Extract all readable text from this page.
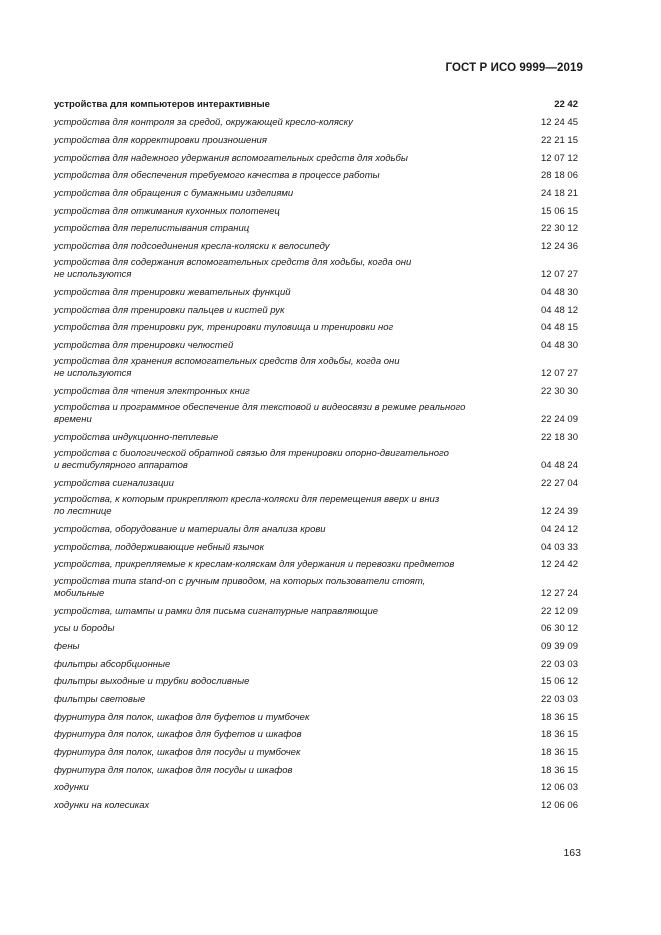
ГОСТ Р ИСО 9999—2019
устройства для компьютеров интерактивные	22 42
устройства для контроля за средой, окружающей кресло-коляску	12 24 45
устройства для корректировки произношения	22 21 15
устройства для надежного удержания вспомогательных средств для ходьбы	12 07 12
устройства для обеспечения требуемого качества в процессе работы	28 18 06
устройства для обращения с бумажными изделиями	24 18 21
устройства для отжимания кухонных полотенец	15 06 15
устройства для перелистывания страниц	22 30 12
устройства для подсоединения кресла-коляски к велосипеду	12 24 36
устройства для содержания вспомогательных средств для ходьбы, когда они
не используются	12 07 27
устройства для тренировки жевательных функций	04 48 30
устройства для тренировки пальцев и кистей рук	04 48 12
устройства для тренировки рук, тренировки туловища и тренировки ног	04 48 15
устройства для тренировки челюстей	04 48 30
устройства для хранения вспомогательных средств для ходьбы, когда они
не используются	12 07 27
устройства для чтения электронных книг	22 30 30
устройства и программное обеспечение для текстовой и видеосвязи в режиме реального
времени	22 24 09
устройства индукционно-петлевые	22 18 30
устройства с биологической обратной связью для тренировки опорно-двигательного
и вестибулярного аппаратов	04 48 24
устройства сигнализации	22 27 04
устройства, к которым прикрепляют кресла-коляски для перемещения вверх и вниз
по лестнице	12 24 39
устройства, оборудование и материалы для анализа крови	04 24 12
устройства, поддерживающие небный язычок	04 03 33
устройства, прикрепляемые к креслам-коляскам для удержания и перевозки предметов	12 24 42
устройства типа stand-on с ручным приводом, на которых пользователи стоят,
мобильные	12 27 24
устройства, штампы и рамки для письма сигнатурные направляющие	22 12 09
усы и бороды	06 30 12
фены	09 39 09
фильтры абсорбционные	22 03 03
фильтры выходные и трубки водосливные	15 06 12
фильтры световые	22 03 03
фурнитура для полок, шкафов для буфетов и тумбочек	18 36 15
фурнитура для полок, шкафов для буфетов и шкафов	18 36 15
фурнитура для полок, шкафов для посуды и тумбочек	18 36 15
фурнитура для полок, шкафов для посуды и шкафов	18 36 15
ходунки	12 06 03
ходунки на колесиках	12 06 06
163
